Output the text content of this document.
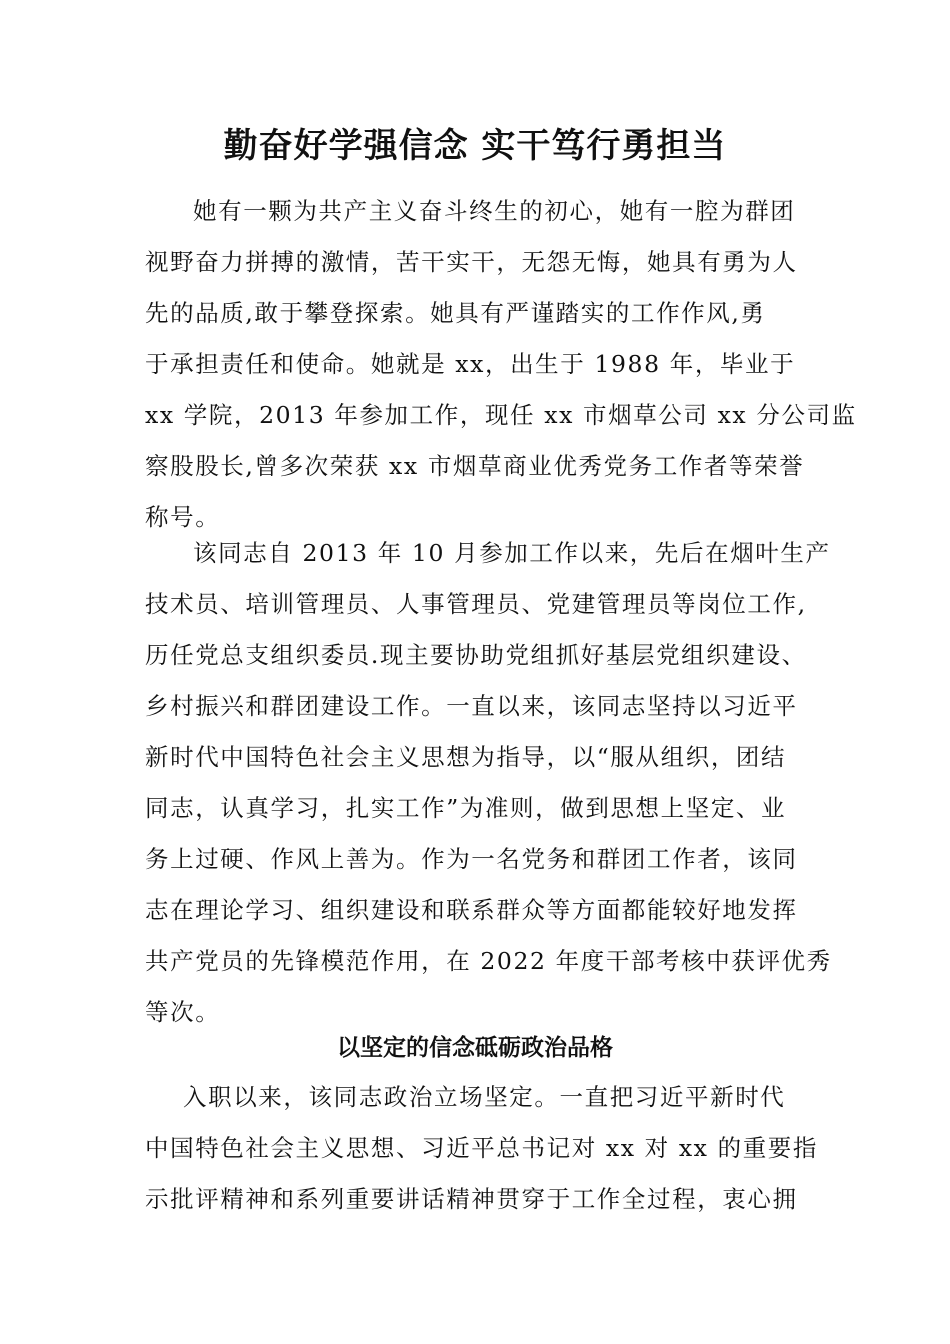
勤奋好学强信念 实干笃行勇担当
她有一颗为共产主义奋斗终生的初心，她有一腔为群团
视野奋力拼搏的激情，苦干实干，无怨无悔，她具有勇为人
先的品质,敢于攀登探索。她具有严谨踏实的工作作风,勇
于承担责任和使命。她就是 xx，出生于 1988 年，毕业于
xx 学院，2013 年参加工作，现任 xx 市烟草公司 xx 分公司监
察股股长,曾多次荣获 xx 市烟草商业优秀党务工作者等荣誉
称号。
该同志自 2013 年 10 月参加工作以来，先后在烟叶生产
技术员、培训管理员、人事管理员、党建管理员等岗位工作,
历任党总支组织委员.现主要协助党组抓好基层党组织建设、
乡村振兴和群团建设工作。一直以来，该同志坚持以习近平
新时代中国特色社会主义思想为指导，以“服从组织，团结
同志，认真学习，扎实工作”为准则，做到思想上坚定、业
务上过硬、作风上善为。作为一名党务和群团工作者，该同
志在理论学习、组织建设和联系群众等方面都能较好地发挥
共产党员的先锋模范作用，在 2022 年度干部考核中获评优秀
等次。
以坚定的信念砥砺政治品格
入职以来，该同志政治立场坚定。一直把习近平新时代
中国特色社会主义思想、习近平总书记对 xx 对 xx 的重要指
示批评精神和系列重要讲话精神贯穿于工作全过程，衷心拥
